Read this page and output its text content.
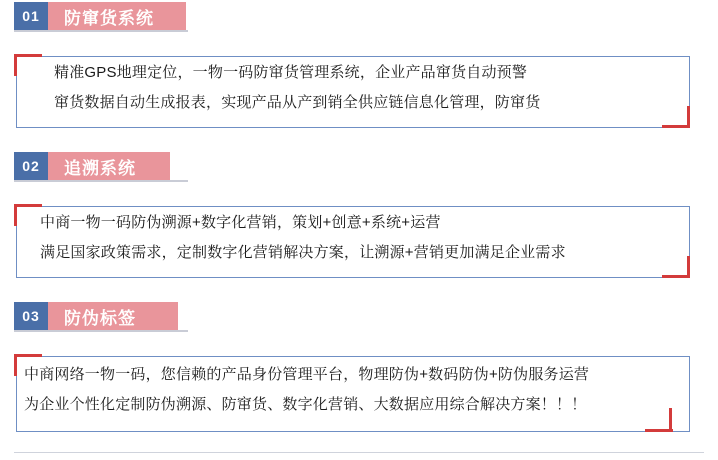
01	防窜货系统
精准GPS地理定位，一物一码防窜货管理系统，企业产品窜货自动预警
窜货数据自动生成报表，实现产品从产到销全供应链信息化管理，防窜货
02	追溯系统
中商一物一码防伪溯源+数字化营销，策划+创意+系统+运营
满足国家政策需求，定制数字化营销解决方案，让溯源+营销更加满足企业需求
03	防伪标签
中商网络一物一码，您信赖的产品身份管理平台，物理防伪+数码防伪+防伪服务运营
为企业个性化定制防伪溯源、防窜货、数字化营销、大数据应用综合解决方案！！！
